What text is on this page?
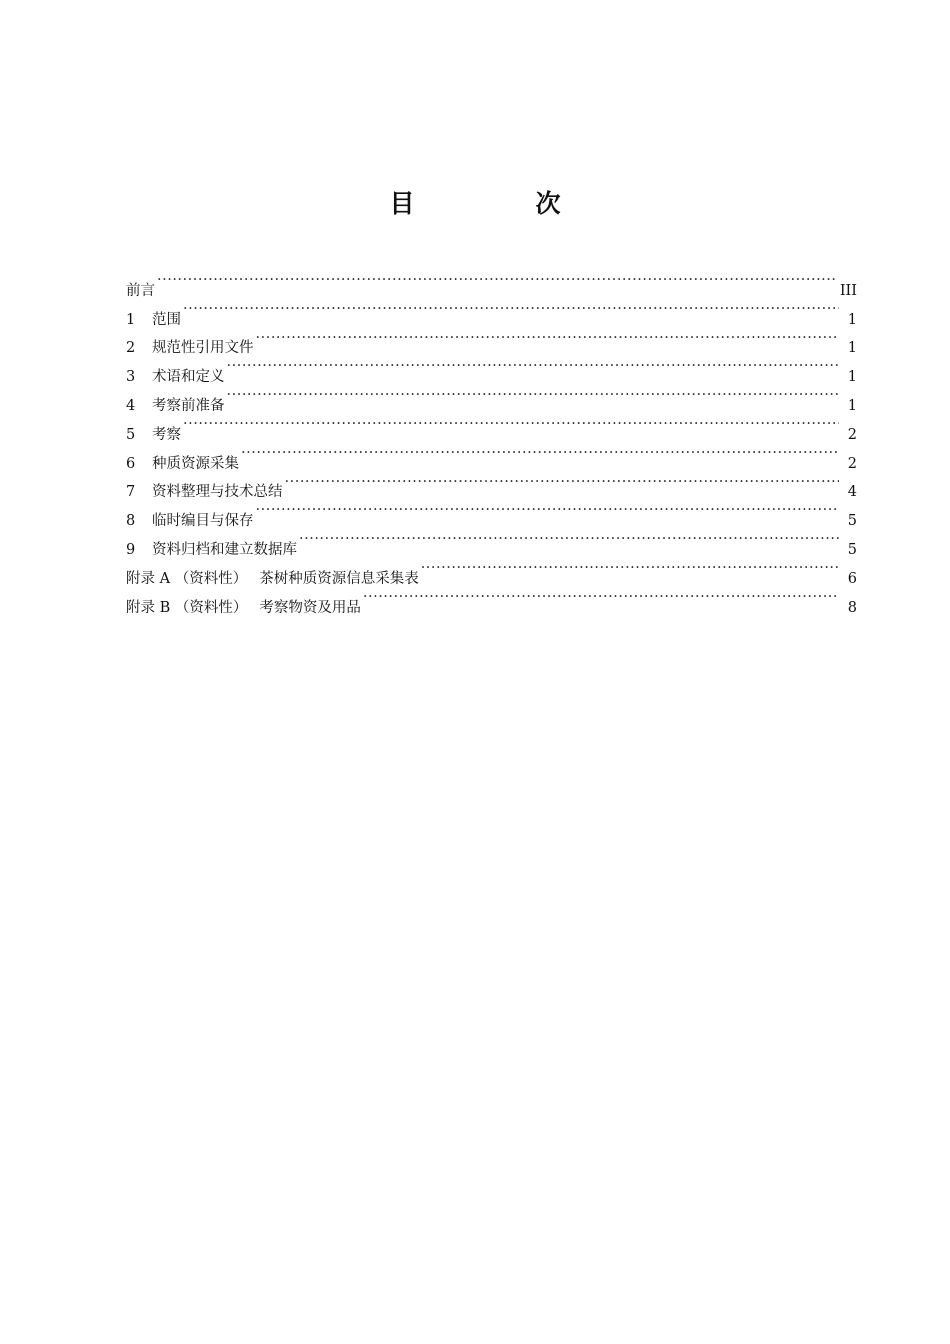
目　次
前言 ·····	III
1	范围 ·····	1
2	规范性引用文件 ·····	1
3	术语和定义 ·····	1
4	考察前准备 ·····	1
5	考察 ·····	2
6	种质资源采集 ·····	2
7	资料整理与技术总结 ·····	4
8	临时编目与保存 ·····	5
9	资料归档和建立数据库 ·····	5
附录 A （资料性） 茶树种质资源信息采集表 ·····	6
附录 B （资料性） 考察物资及用品 ·····	8
